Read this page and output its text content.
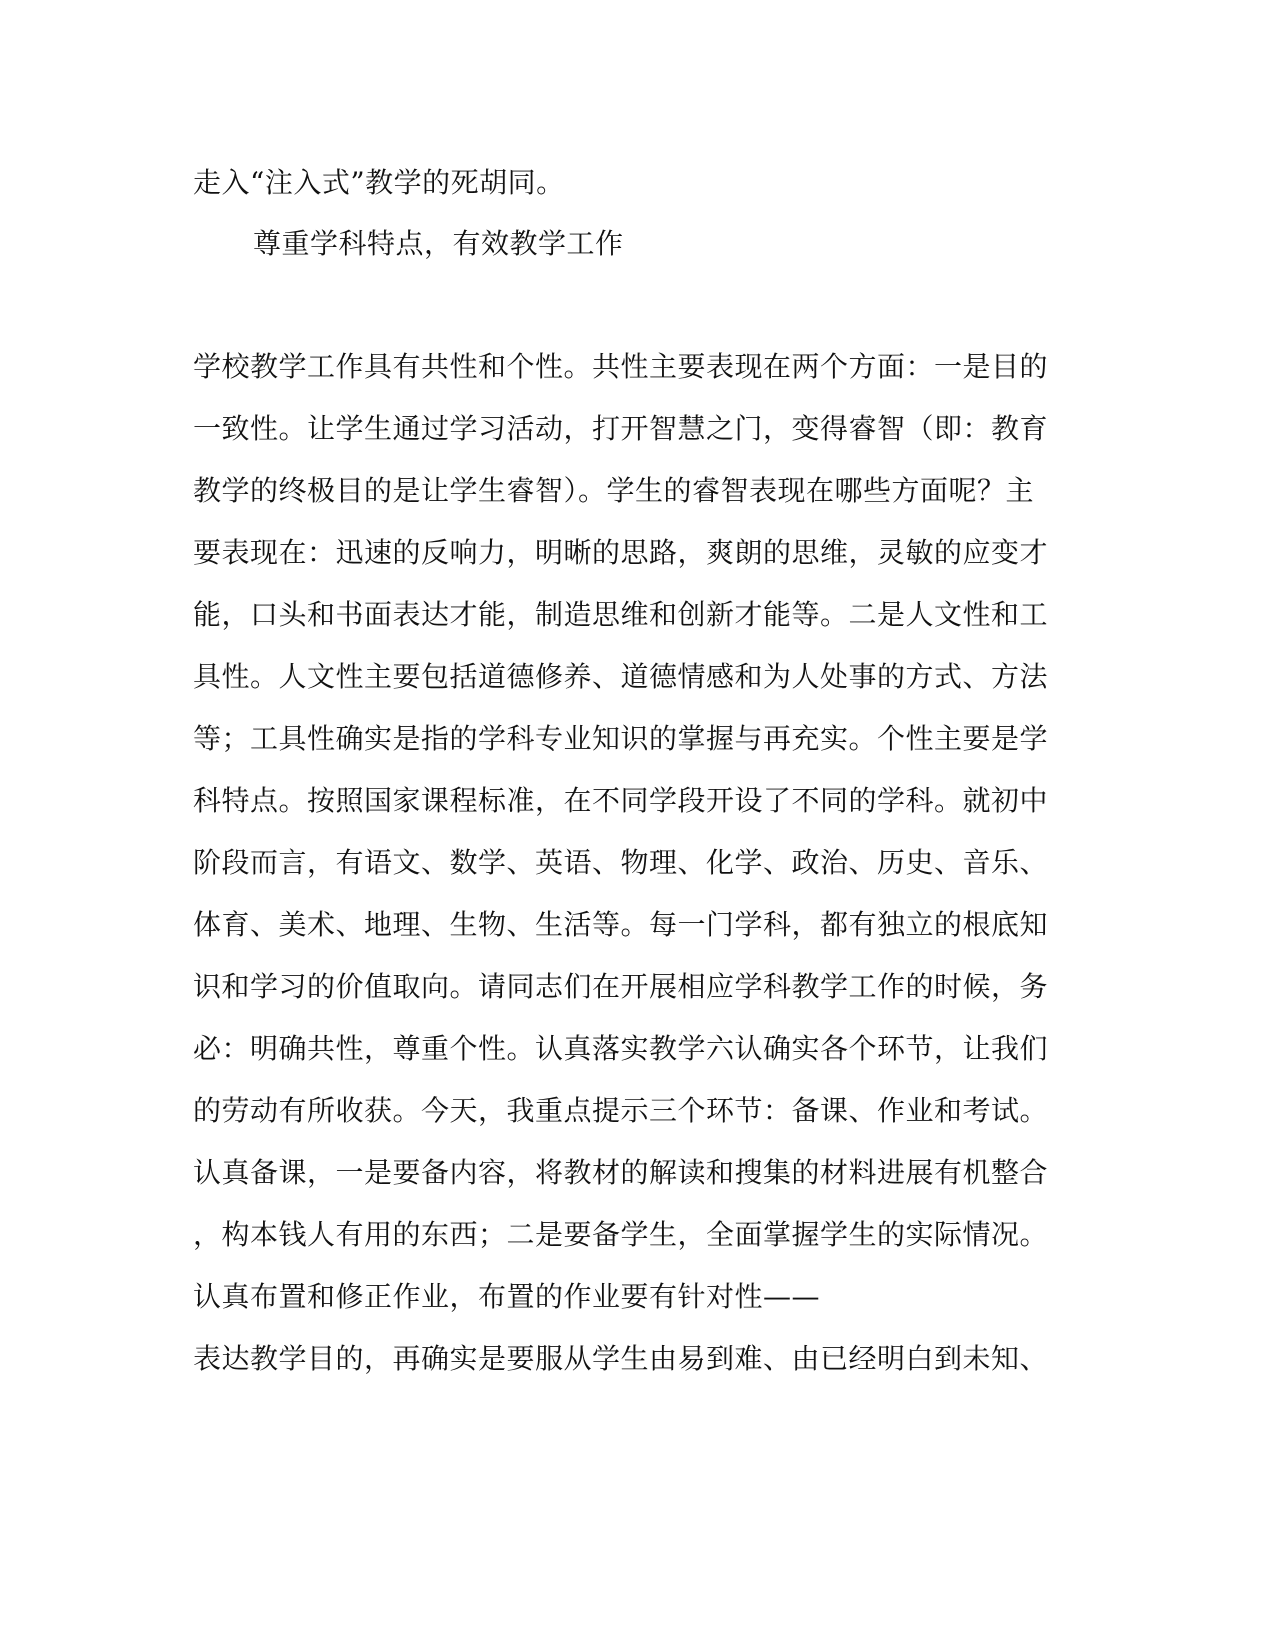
走入“注入式”教学的死胡同。
尊重学科特点，有效教学工作
学校教学工作具有共性和个性。共性主要表现在两个方面：一是目的
一致性。让学生通过学习活动，打开智慧之门，变得睿智（即：教育
教学的终极目的是让学生睿智）。学生的睿智表现在哪些方面呢？主
要表现在：迅速的反响力，明晰的思路，爽朗的思维，灵敏的应变才
能，口头和书面表达才能，制造思维和创新才能等。二是人文性和工
具性。人文性主要包括道德修养、道德情感和为人处事的方式、方法
等；工具性确实是指的学科专业知识的掌握与再充实。个性主要是学
科特点。按照国家课程标准，在不同学段开设了不同的学科。就初中
阶段而言，有语文、数学、英语、物理、化学、政治、历史、音乐、
体育、美术、地理、生物、生活等。每一门学科，都有独立的根底知
识和学习的价值取向。请同志们在开展相应学科教学工作的时候，务
必：明确共性，尊重个性。认真落实教学六认确实各个环节，让我们
的劳动有所收获。今天，我重点提示三个环节：备课、作业和考试。
认真备课，一是要备内容，将教材的解读和搜集的材料进展有机整合
，构本钱人有用的东西；二是要备学生，全面掌握学生的实际情况。
认真布置和修正作业，布置的作业要有针对性——
表达教学目的，再确实是要服从学生由易到难、由已经明白到未知、
